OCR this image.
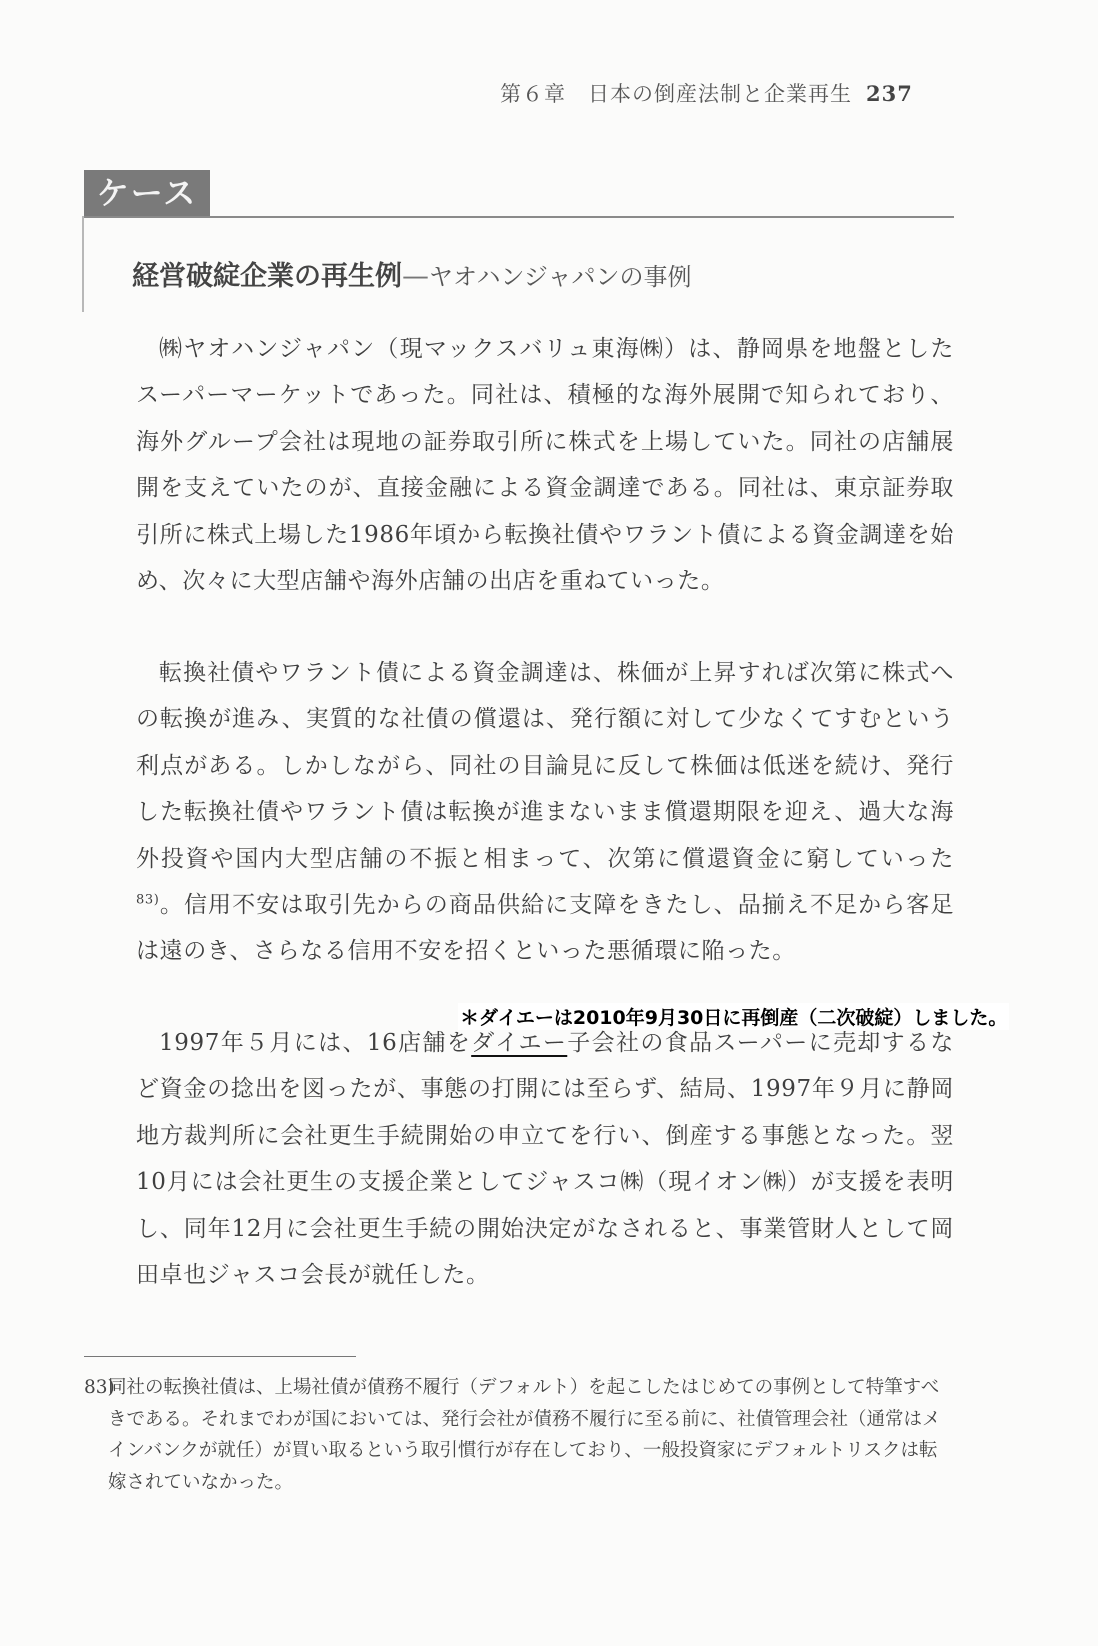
第６章 日本の倒産法制と企業再生 237
ケース
経営破綻企業の再生例—ヤオハンジャパンの事例

㈱ヤオハンジャパン（現マックスバリュ東海㈱）は、静岡県を地盤としたスーパーマーケットであった。同社は、積極的な海外展開で知られており、海外グループ会社は現地の証券取引所に株式を上場していた。同社の店舗展開を支えていたのが、直接金融による資金調達である。同社は、東京証券取引所に株式上場した1986年頃から転換社債やワラント債による資金調達を始め、次々に大型店舗や海外店舗の出店を重ねていった。

転換社債やワラント債による資金調達は、株価が上昇すれば次第に株式への転換が進み、実質的な社債の償還は、発行額に対して少なくてすむという利点がある。しかしながら、同社の目論見に反して株価は低迷を続け、発行した転換社債やワラント債は転換が進まないまま償還期限を迎え、過大な海外投資や国内大型店舗の不振と相まって、次第に償還資金に窮していった$^{83)}$。信用不安は取引先からの商品供給に支障をきたし、品揃え不足から客足は遠のき、さらなる信用不安を招くといった悪循環に陥った。

＊ダイエーは2010年9月30日に再倒産（二次破綻）しました。

1997年５月には、16店舗をダイエー子会社の食品スーパーに売却するなど資金の捻出を図ったが、事態の打開には至らず、結局、1997年９月に静岡地方裁判所に会社更生手続開始の申立てを行い、倒産する事態となった。翌10月には会社更生の支援企業としてジャスコ㈱（現イオン㈱）が支援を表明し、同年12月に会社更生手続の開始決定がなされると、事業管財人として岡田卓也ジャスコ会長が就任した。

83)
同社の転換社債は、上場社債が債務不履行（デフォルト）を起こしたはじめての事例として特筆すべきである。それまでわが国においては、発行会社が債務不履行に至る前に、社債管理会社（通常はメインバンクが就任）が買い取るという取引慣行が存在しており、一般投資家にデフォルトリスクは転嫁されていなかった。
